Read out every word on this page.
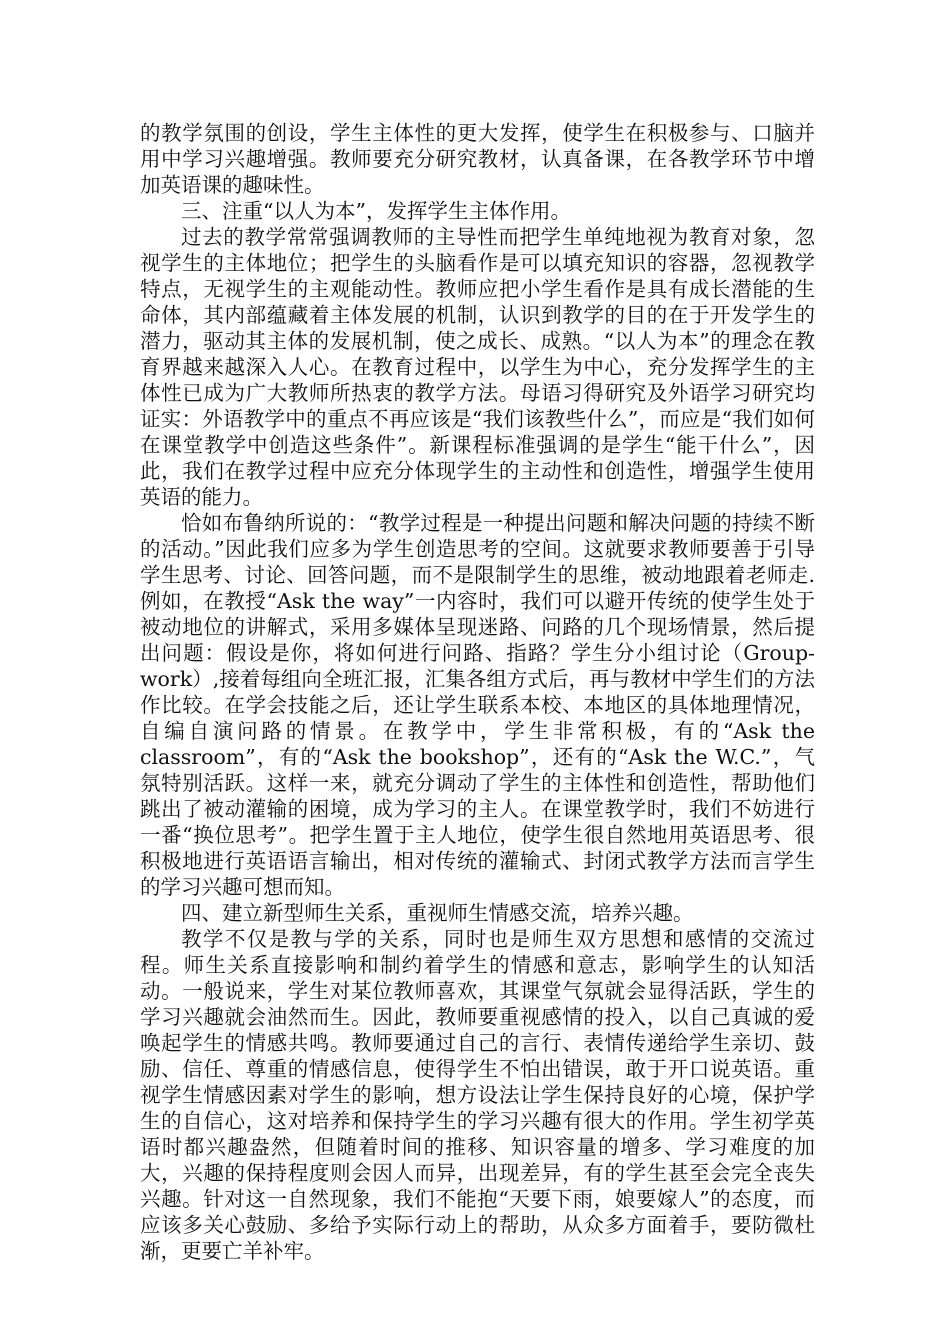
的教学氛围的创设，学生主体性的更大发挥，使学生在积极参与、口脑并用中学习兴趣增强。教师要充分研究教材，认真备课，在各教学环节中增加英语课的趣味性。

三、注重“以人为本”，发挥学生主体作用。

过去的教学常常强调教师的主导性而把学生单纯地视为教育对象，忽视学生的主体地位；把学生的头脑看作是可以填充知识的容器，忽视教学特点，无视学生的主观能动性。教师应把小学生看作是具有成长潜能的生命体，其内部蕴藏着主体发展的机制，认识到教学的目的在于开发学生的潜力，驱动其主体的发展机制，使之成长、成熟。“以人为本”的理念在教育界越来越深入人心。在教育过程中，以学生为中心，充分发挥学生的主体性已成为广大教师所热衷的教学方法。母语习得研究及外语学习研究均证实：外语教学中的重点不再应该是“我们该教些什么”，而应是“我们如何在课堂教学中创造这些条件”。新课程标准强调的是学生“能干什么”，因此，我们在教学过程中应充分体现学生的主动性和创造性，增强学生使用英语的能力。

恰如布鲁纳所说的：“教学过程是一种提出问题和解决问题的持续不断的活动。”因此我们应多为学生创造思考的空间。这就要求教师要善于引导学生思考、讨论、回答问题，而不是限制学生的思维，被动地跟着老师走.例如，在教授“Ask the way”一内容时，我们可以避开传统的使学生处于被动地位的讲解式，采用多媒体呈现迷路、问路的几个现场情景，然后提出问题：假设是你，将如何进行问路、指路？学生分小组讨论（Group-work）,接着每组向全班汇报，汇集各组方式后，再与教材中学生们的方法作比较。在学会技能之后，还让学生联系本校、本地区的具体地理情况，自编自演问路的情景。在教学中，学生非常积极，有的“Ask the classroom”，有的“Ask the bookshop”，还有的“Ask the W.C.”，气氛特别活跃。这样一来，就充分调动了学生的主体性和创造性，帮助他们跳出了被动灌输的困境，成为学习的主人。在课堂教学时，我们不妨进行一番“换位思考”。把学生置于主人地位，使学生很自然地用英语思考、很积极地进行英语语言输出，相对传统的灌输式、封闭式教学方法而言学生的学习兴趣可想而知。

四、建立新型师生关系，重视师生情感交流，培养兴趣。

教学不仅是教与学的关系，同时也是师生双方思想和感情的交流过程。师生关系直接影响和制约着学生的情感和意志，影响学生的认知活动。一般说来，学生对某位教师喜欢，其课堂气氛就会显得活跃，学生的学习兴趣就会油然而生。因此，教师要重视感情的投入，以自己真诚的爱唤起学生的情感共鸣。教师要通过自己的言行、表情传递给学生亲切、鼓励、信任、尊重的情感信息，使得学生不怕出错误，敢于开口说英语。重视学生情感因素对学生的影响，想方设法让学生保持良好的心境，保护学生的自信心，这对培养和保持学生的学习兴趣有很大的作用。学生初学英语时都兴趣盎然，但随着时间的推移、知识容量的增多、学习难度的加大，兴趣的保持程度则会因人而异，出现差异，有的学生甚至会完全丧失兴趣。针对这一自然现象，我们不能抱“天要下雨，娘要嫁人”的态度，而应该多关心鼓励、多给予实际行动上的帮助，从众多方面着手，要防微杜渐，更要亡羊补牢。
